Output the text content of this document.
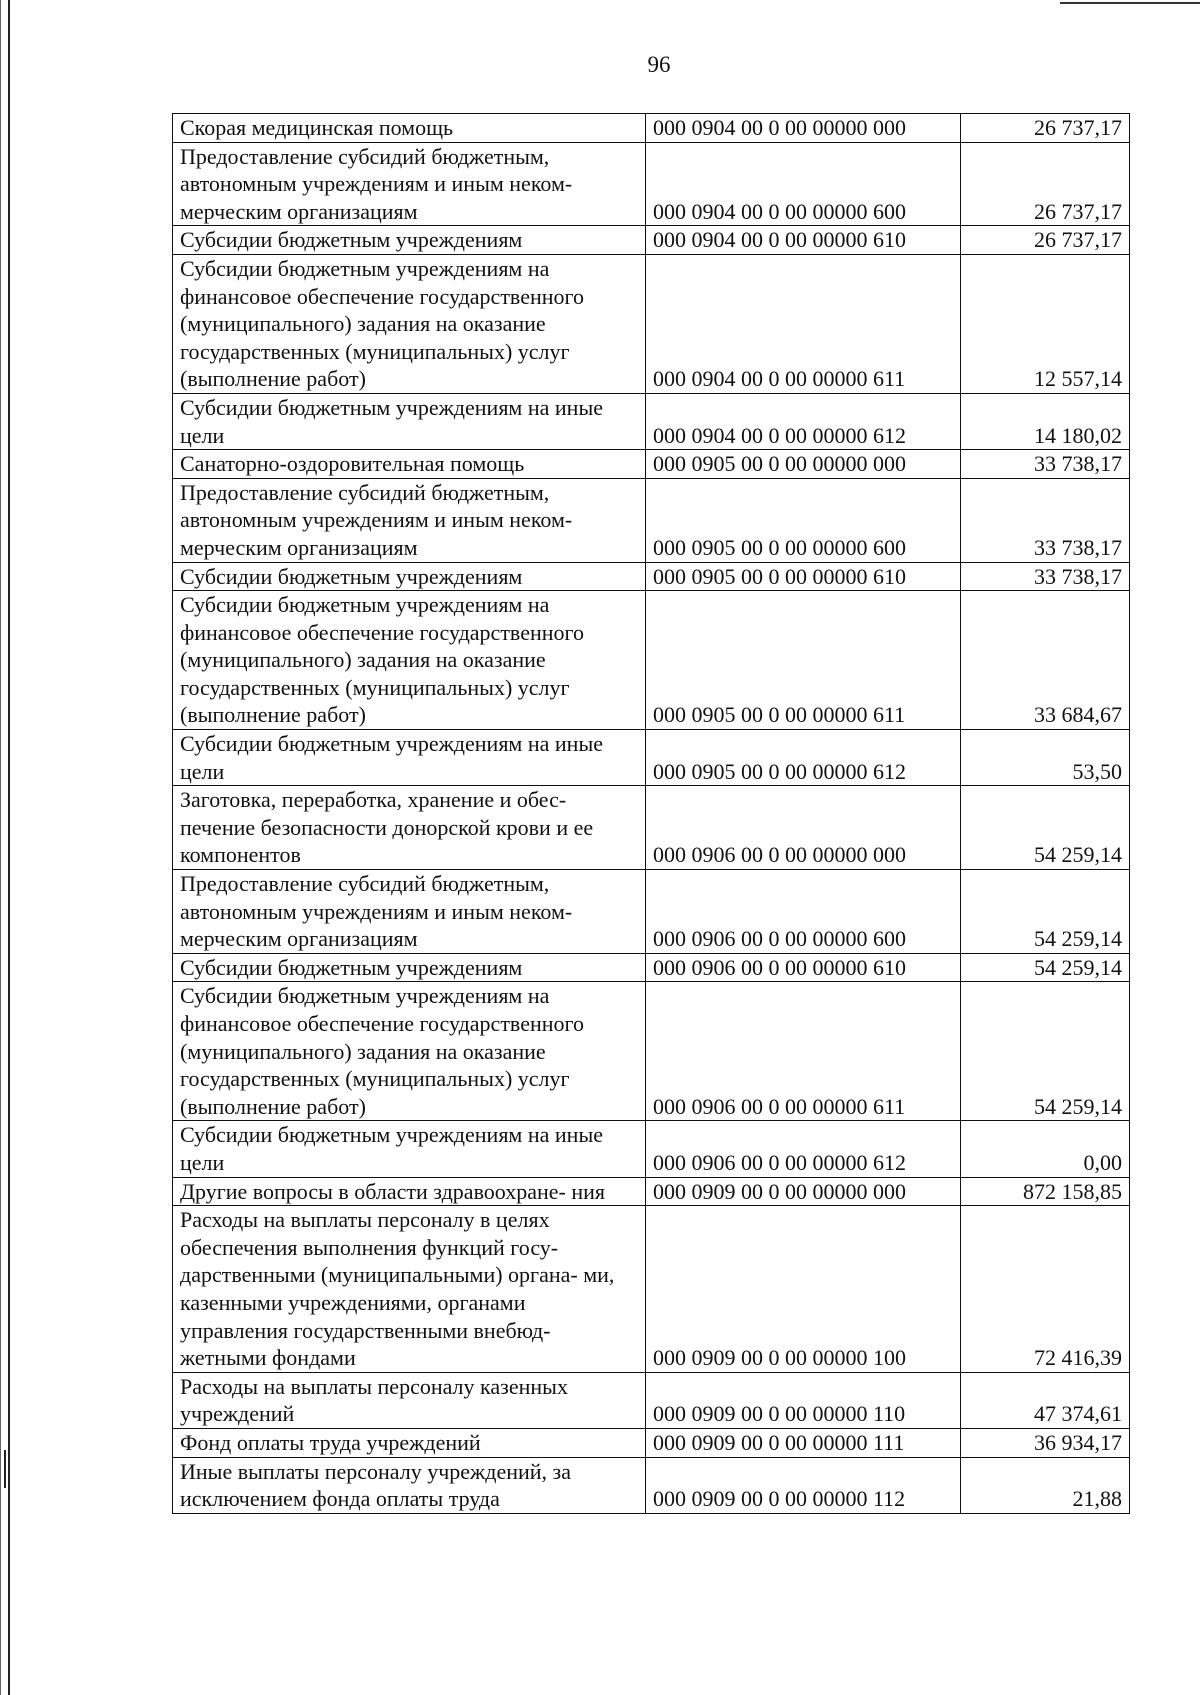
96
Скорая медицинская помощь	000 0904 00 0 00 00000 000	26 737,17
Предоставление субсидий бюджетным, автономным учреждениям и иным неком- мерческим организациям	000 0904 00 0 00 00000 600	26 737,17
Субсидии бюджетным учреждениям	000 0904 00 0 00 00000 610	26 737,17
Субсидии бюджетным учреждениям на финансовое обеспечение государственного (муниципального) задания на оказание государственных (муниципальных) услуг (выполнение работ)	000 0904 00 0 00 00000 611	12 557,14
Субсидии бюджетным учреждениям на иные цели	000 0904 00 0 00 00000 612	14 180,02
Санаторно-оздоровительная помощь	000 0905 00 0 00 00000 000	33 738,17
Предоставление субсидий бюджетным, автономным учреждениям и иным неком- мерческим организациям	000 0905 00 0 00 00000 600	33 738,17
Субсидии бюджетным учреждениям	000 0905 00 0 00 00000 610	33 738,17
Субсидии бюджетным учреждениям на финансовое обеспечение государственного (муниципального) задания на оказание государственных (муниципальных) услуг (выполнение работ)	000 0905 00 0 00 00000 611	33 684,67
Субсидии бюджетным учреждениям на иные цели	000 0905 00 0 00 00000 612	53,50
Заготовка, переработка, хранение и обес- печение безопасности донорской крови и ее компонентов	000 0906 00 0 00 00000 000	54 259,14
Предоставление субсидий бюджетным, автономным учреждениям и иным неком- мерческим организациям	000 0906 00 0 00 00000 600	54 259,14
Субсидии бюджетным учреждениям	000 0906 00 0 00 00000 610	54 259,14
Субсидии бюджетным учреждениям на финансовое обеспечение государственного (муниципального) задания на оказание государственных (муниципальных) услуг (выполнение работ)	000 0906 00 0 00 00000 611	54 259,14
Субсидии бюджетным учреждениям на иные цели	000 0906 00 0 00 00000 612	0,00
Другие вопросы в области здравоохране- ния	000 0909 00 0 00 00000 000	872 158,85
Расходы на выплаты персоналу в целях обеспечения выполнения функций госу- дарственными (муниципальными) органа- ми, казенными учреждениями, органами управления государственными внебюд- жетными фондами	000 0909 00 0 00 00000 100	72 416,39
Расходы на выплаты персоналу казенных учреждений	000 0909 00 0 00 00000 110	47 374,61
Фонд оплаты труда учреждений	000 0909 00 0 00 00000 111	36 934,17
Иные выплаты персоналу учреждений, за исключением фонда оплаты труда	000 0909 00 0 00 00000 112	21,88
